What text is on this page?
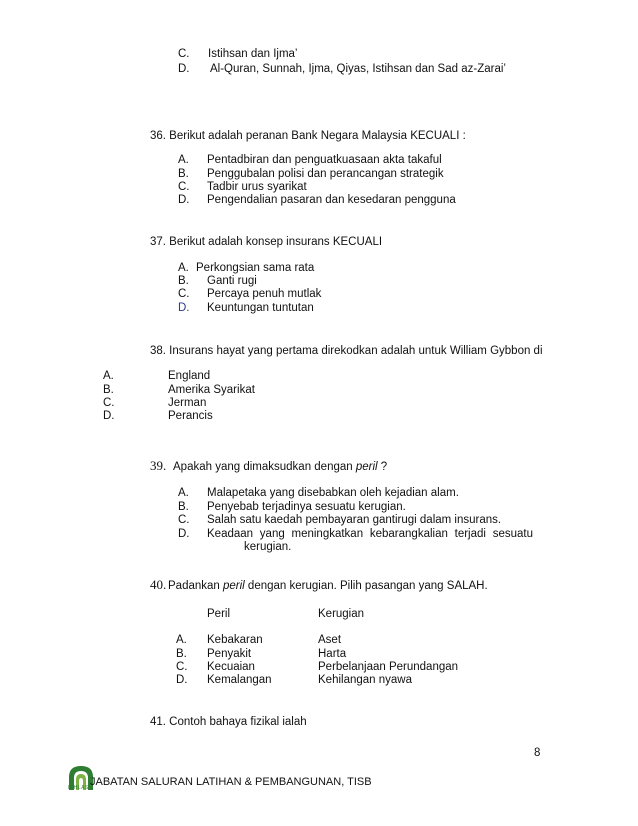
C. Istihsan dan Ijma’
D. Al-Quran, Sunnah, Ijma, Qiyas, Istihsan dan Sad az-Zarai’
36. Berikut adalah peranan Bank Negara Malaysia KECUALI :
A. Pentadbiran dan penguatkuasaan akta takaful
B. Penggubalan polisi dan perancangan strategik
C. Tadbir urus syarikat
D. Pengendalian pasaran dan kesedaran pengguna
37. Berikut adalah konsep insurans KECUALI
A. Perkongsian sama rata
B. Ganti rugi
C. Percaya penuh mutlak
D. Keuntungan tuntutan
38. Insurans hayat yang pertama direkodkan adalah untuk William Gybbon di
A.	England
B.	Amerika Syarikat
C.	Jerman
D.	Perancis
39. Apakah yang dimaksudkan dengan peril ?
A. Malapetaka yang disebabkan oleh kejadian alam.
B. Penyebab terjadinya sesuatu kerugian.
C. Salah satu kaedah pembayaran gantirugi dalam insurans.
D. Keadaan yang meningkatkan kebarangkalian terjadi sesuatu
kerugian.
40. Padankan peril dengan kerugian. Pilih pasangan yang SALAH.
Peril	Kerugian
A. Kebakaran	Aset
B. Penyakit	Harta
C. Kecuaian	Perbelanjaan Perundangan
D. Kemalangan	Kehilangan nyawa
41. Contoh bahaya fizikal ialah
8
IKHLAS JABATAN SALURAN LATIHAN & PEMBANGUNAN, TISB
